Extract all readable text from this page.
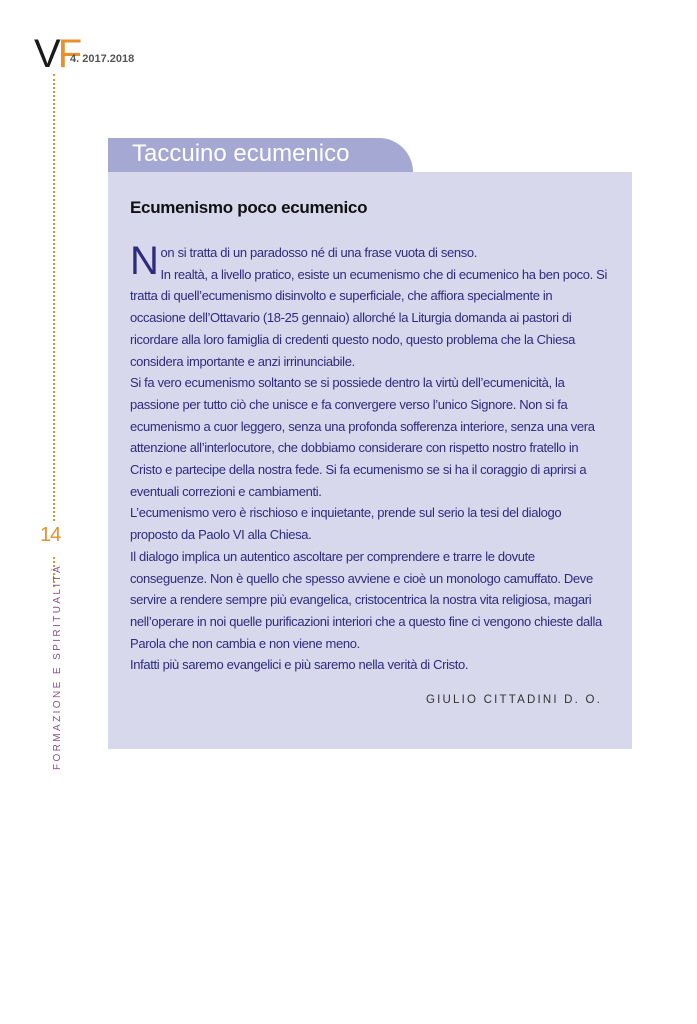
VF
4. 2017.2018
14
FORMAZIONE E SPIRITUALITÀ
Taccuino ecumenico
Ecumenismo poco ecumenico

Non si tratta di un paradosso né di una frase vuota di senso.

In realtà, a livello pratico, esiste un ecumenismo che di ecumenico ha ben poco. Si tratta di quell’ecumenismo disinvolto e superficiale, che affiora specialmente in occasione dell’Ottavario (18-25 gennaio) allorché la Liturgia domanda ai pastori di ricordare alla loro famiglia di credenti questo nodo, questo problema che la Chiesa considera importante e anzi irrinunciabile.

Si fa vero ecumenismo soltanto se si possiede dentro la virtù dell’ecumenicità, la passione per tutto ciò che unisce e fa convergere verso l’unico Signore. Non si fa ecumenismo a cuor leggero, senza una profonda sofferenza interiore, senza una vera attenzione all’interlocutore, che dobbiamo considerare con rispetto nostro fratello in Cristo e partecipe della nostra fede. Si fa ecumenismo se si ha il coraggio di aprirsi a eventuali correzioni e cambiamenti.

L’ecumenismo vero è rischioso e inquietante, prende sul serio la tesi del dialogo proposto da Paolo VI alla Chiesa.

Il dialogo implica un autentico ascoltare per comprendere e trarre le dovute conseguenze. Non è quello che spesso avviene e cioè un monologo camuffato. Deve servire a rendere sempre più evangelica, cristocentrica la nostra vita religiosa, magari nell’operare in noi quelle purificazioni interiori che a questo fine ci vengono chieste dalla Parola che non cambia e non viene meno.

Infatti più saremo evangelici e più saremo nella verità di Cristo.

GIULIO CITTADINI D. O.
